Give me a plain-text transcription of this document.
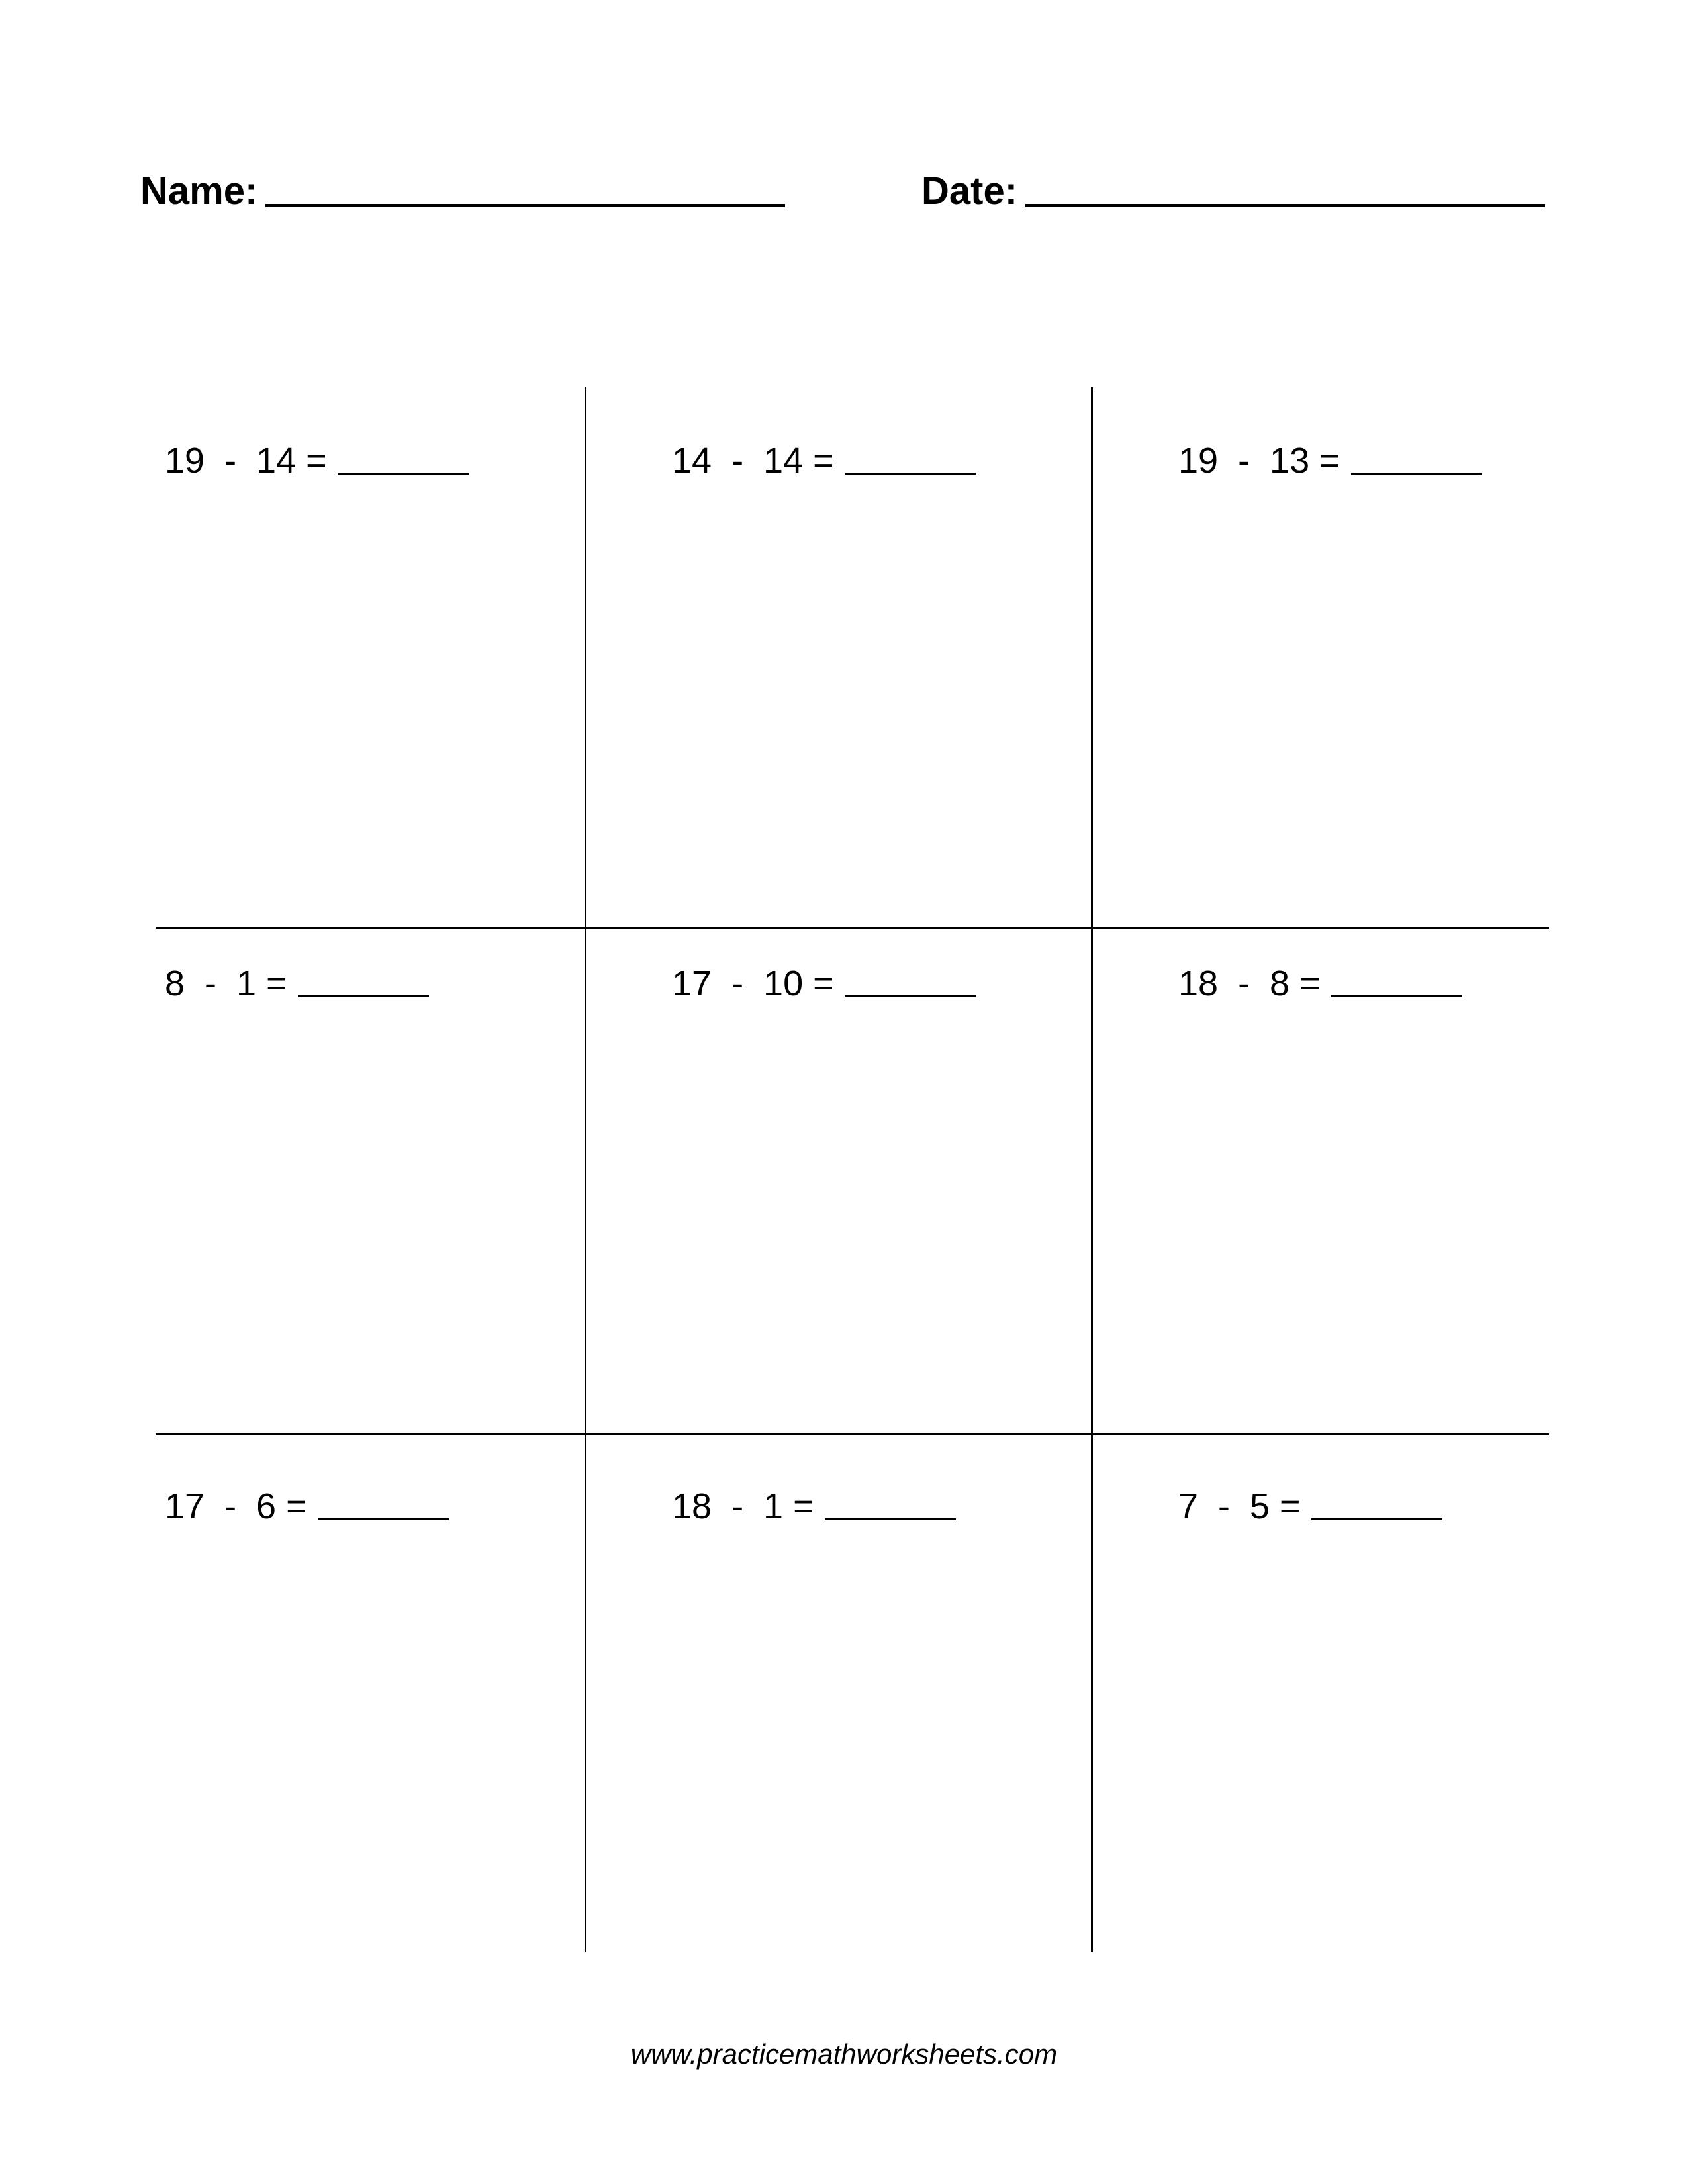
Name:	Date:
19  -  14 =	14  -  14 =	19  -  13 =
8  -  1 =	17  -  10 =	18  -  8 =
17  -  6 =	18  -  1 =	7  -  5 =
www.practicemathworksheets.com
